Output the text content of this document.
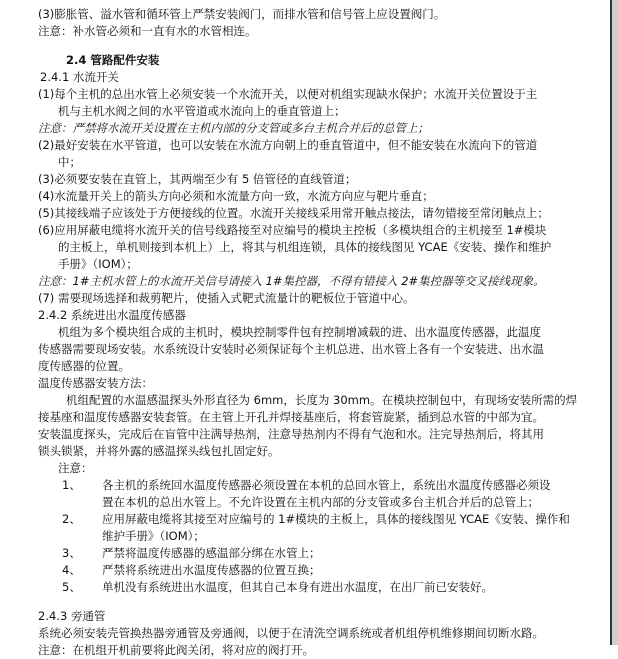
(3)膨胀管、溢水管和循环管上严禁安装阀门，而排水管和信号管上应设置阀门。
注意：补水管必须和一直有水的水管相连。
2.4 管路配件安装
2.4.1 水流开关
(1)每个主机的总出水管上必须安装一个水流开关，以便对机组实现缺水保护；水流开关位置设于主
机与主机水阀之间的水平管道或水流向上的垂直管道上；
注意：严禁将水流开关设置在主机内部的分支管或多台主机合并后的总管上；
(2)最好安装在水平管道，也可以安装在水流方向朝上的垂直管道中，但不能安装在水流向下的管道
中；
(3)必须要安装在直管上，其两端至少有 5 倍管径的直线管道；
(4)水流量开关上的箭头方向必须和水流量方向一致，水流方向应与靶片垂直；
(5)其接线端子应该处于方便接线的位置。水流开关接线采用常开触点接法，请勿错接至常闭触点上；
(6)应用屏蔽电缆将水流开关的信号线路接至对应编号的模块主控板（多模块组合的主机接至 1#模块
的主板上，单机则接到本机上）上，将其与机组连锁，具体的接线图见 YCAE《安装、操作和维护
手册》（IOM）；
注意：1#主机水管上的水流开关信号请接入 1#集控器，不得有错接入 2#集控器等交叉接线现象。
(7) 需要现场选择和裁剪靶片，使插入式靶式流量计的靶板位于管道中心。
2.4.2 系统进出水温度传感器
机组为多个模块组合成的主机时，模块控制零件包有控制增减载的进、出水温度传感器，此温度
传感器需要现场安装。水系统设计安装时必须保证每个主机总进、出水管上各有一个安装进、出水温
度传感器的位置。
温度传感器安装方法：
机组配置的水温感温探头外形直径为 6mm，长度为 30mm。在模块控制包中，有现场安装所需的焊
接基座和温度传感器安装套管。在主管上开孔并焊接基座后，将套管旋紧，插到总水管的中部为宜。
安装温度探头，完成后在盲管中注满导热剂，注意导热剂内不得有气泡和水。注完导热剂后，将其用
锁头锁紧，并将外露的感温探头线包扎固定好。
注意：
1、 各主机的系统回水温度传感器必须设置在本机的总回水管上，系统出水温度传感器必须设
置在本机的总出水管上。不允许设置在主机内部的分支管或多台主机合并后的总管上；
2、 应用屏蔽电缆将其接至对应编号的 1#模块的主板上，具体的接线图见 YCAE《安装、操作和
维护手册》（IOM）；
3、 严禁将温度传感器的感温部分绑在水管上；
4、 严禁将系统进出水温度传感器的位置互换；
5、 单机没有系统进出水温度，但其自己本身有进出水温度，在出厂前已安装好。
2.4.3 旁通管
系统必须安装壳管换热器旁通管及旁通阀，以便于在清洗空调系统或者机组停机维修期间切断水路。
注意：在机组开机前要将此阀关闭，将对应的阀打开。
